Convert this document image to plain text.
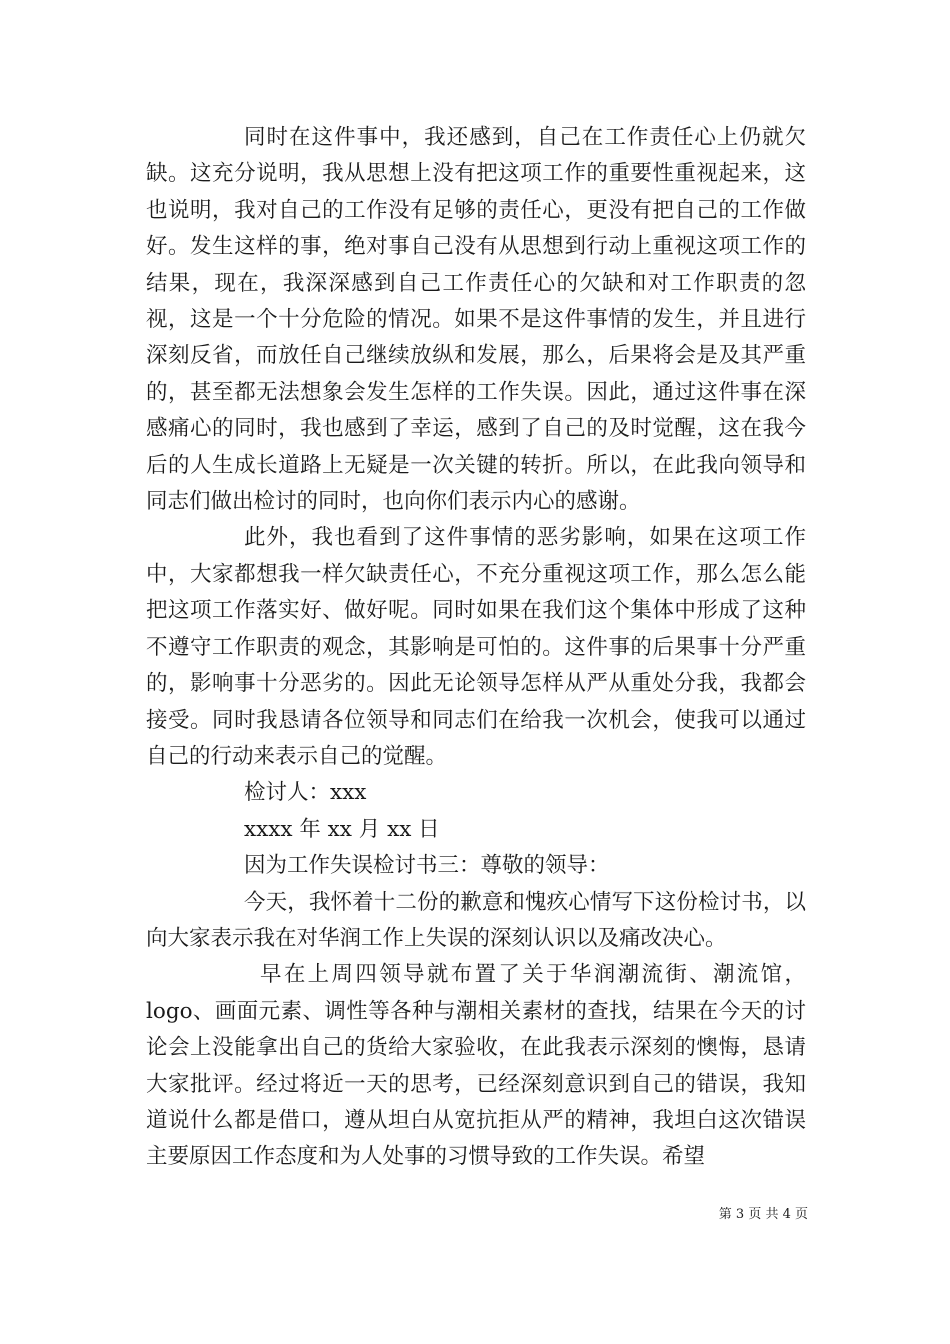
同时在这件事中，我还感到，自己在工作责任心上仍就欠缺。这充分说明，我从思想上没有把这项工作的重要性重视起来，这也说明，我对自己的工作没有足够的责任心，更没有把自己的工作做好。发生这样的事，绝对事自己没有从思想到行动上重视这项工作的结果，现在，我深深感到自己工作责任心的欠缺和对工作职责的忽视，这是一个十分危险的情况。如果不是这件事情的发生，并且进行深刻反省，而放任自己继续放纵和发展，那么，后果将会是及其严重的，甚至都无法想象会发生怎样的工作失误。因此，通过这件事在深感痛心的同时，我也感到了幸运，感到了自己的及时觉醒，这在我今后的人生成长道路上无疑是一次关键的转折。所以，在此我向领导和同志们做出检讨的同时，也向你们表示内心的感谢。

此外，我也看到了这件事情的恶劣影响，如果在这项工作中，大家都想我一样欠缺责任心，不充分重视这项工作，那么怎么能把这项工作落实好、做好呢。同时如果在我们这个集体中形成了这种不遵守工作职责的观念，其影响是可怕的。这件事的后果事十分严重的，影响事十分恶劣的。因此无论领导怎样从严从重处分我，我都会接受。同时我恳请各位领导和同志们在给我一次机会，使我可以通过自己的行动来表示自己的觉醒。

检讨人：xxx

xxxx 年 xx 月 xx 日

因为工作失误检讨书三：尊敬的领导：

今天，我怀着十二份的歉意和愧疚心情写下这份检讨书，以向大家表示我在对华润工作上失误的深刻认识以及痛改决心。

早在上周四领导就布置了关于华润潮流街、潮流馆，logo、画面元素、调性等各种与潮相关素材的查找，结果在今天的讨论会上没能拿出自己的货给大家验收，在此我表示深刻的懊悔，恳请大家批评。经过将近一天的思考，已经深刻意识到自己的错误，我知道说什么都是借口，遵从坦白从宽抗拒从严的精神，我坦白这次错误主要原因工作态度和为人处事的习惯导致的工作失误。希望

第 3 页 共 4 页
